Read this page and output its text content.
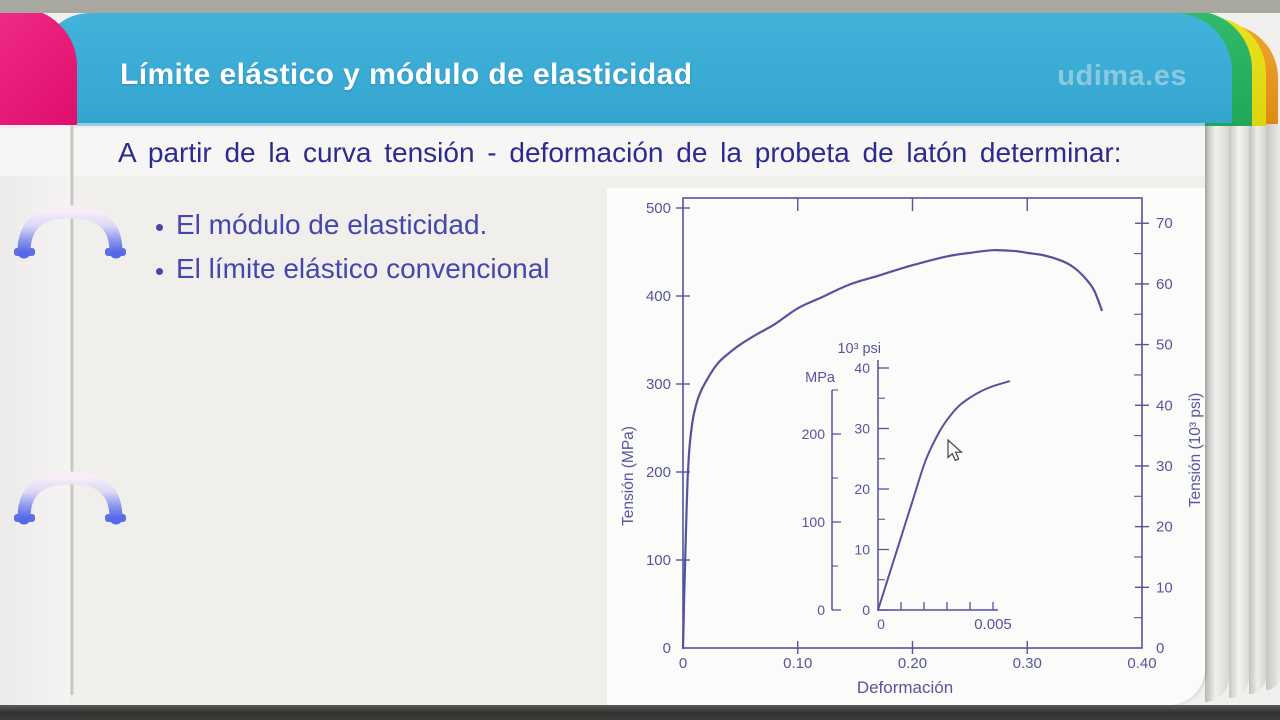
Límite elástico y módulo de elasticidad	udima.es
A partir de la curva tensión - deformación de la probeta de latón determinar:
• El módulo de elasticidad.
• El límite elástico convencional
0	0.10	0.20	0.30	0.40
0
100
200
300
400
500
0
10
20
30
40
50
60
70
Deformación
Tensión (MPa)	Tensión (10³ psi)
0
10
20
30
40
0
100
200
0.005
0
MPa
10³ psi
